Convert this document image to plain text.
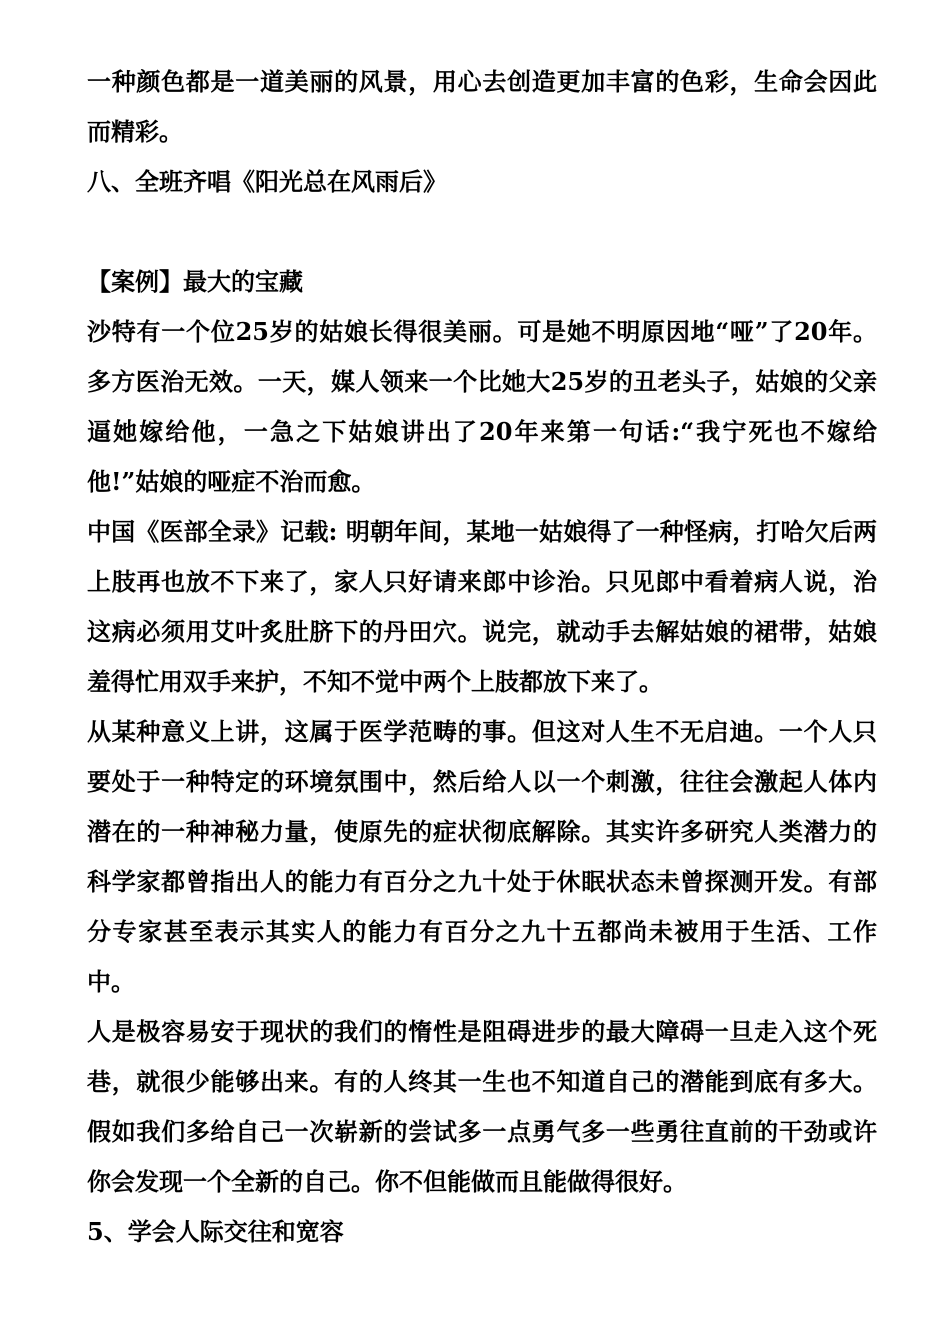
一种颜色都是一道美丽的风景，用心去创造更加丰富的色彩，生命会因此而精彩。

八、全班齐唱《阳光总在风雨后》

【案例】最大的宝藏

沙特有一个位25岁的姑娘长得很美丽。可是她不明原因地“哑”了20年。多方医治无效。一天，媒人领来一个比她大25岁的丑老头子，姑娘的父亲逼她嫁给他，一急之下姑娘讲出了20年来第一句话:“我宁死也不嫁给他!”姑娘的哑症不治而愈。

中国《医部全录》记载: 明朝年间，某地一姑娘得了一种怪病，打哈欠后两上肢再也放不下来了，家人只好请来郎中诊治。只见郎中看着病人说，治这病必须用艾叶炙肚脐下的丹田穴。说完，就动手去解姑娘的裙带，姑娘羞得忙用双手来护，不知不觉中两个上肢都放下来了。

从某种意义上讲，这属于医学范畴的事。但这对人生不无启迪。一个人只要处于一种特定的环境氛围中，然后给人以一个刺激，往往会激起人体内潜在的一种神秘力量，使原先的症状彻底解除。其实许多研究人类潜力的科学家都曾指出人的能力有百分之九十处于休眠状态未曾探测开发。有部分专家甚至表示其实人的能力有百分之九十五都尚未被用于生活、工作中。

人是极容易安于现状的我们的惰性是阻碍进步的最大障碍一旦走入这个死巷，就很少能够出来。有的人终其一生也不知道自己的潜能到底有多大。假如我们多给自己一次崭新的尝试多一点勇气多一些勇往直前的干劲或许你会发现一个全新的自己。你不但能做而且能做得很好。

5、学会人际交往和宽容
